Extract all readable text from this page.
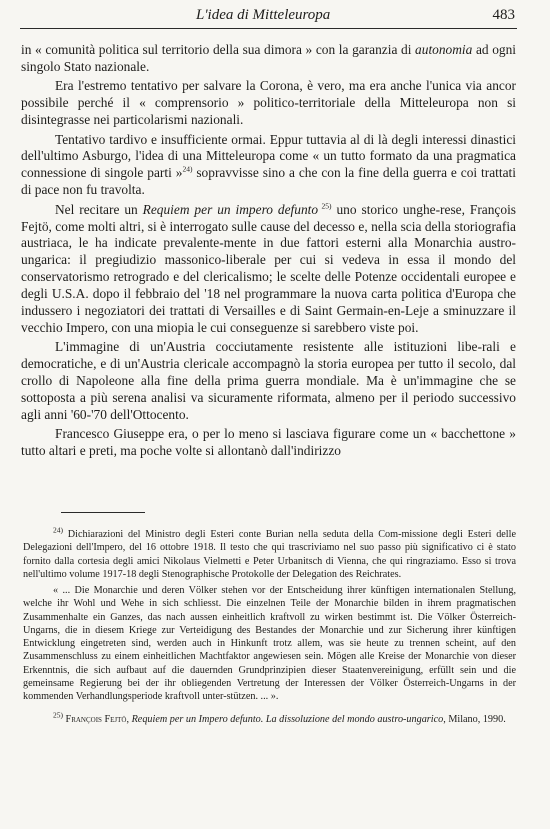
L'idea di Mitteleuropa	483

in « comunità politica sul territorio della sua dimora » con la garanzia di autonomia ad ogni singolo Stato nazionale.

Era l'estremo tentativo per salvare la Corona, è vero, ma era anche l'unica via ancor possibile perché il « comprensorio » politico-territoriale della Mitteleuropa non si disintegrasse nei particolarismi nazionali.

Tentativo tardivo e insufficiente ormai. Eppur tuttavia al di là degli interessi dinastici dell'ultimo Asburgo, l'idea di una Mitteleuropa come « un tutto formato da una pragmatica connessione di singole parti »$^{24)}$ sopravvisse sino a che con la fine della guerra e coi trattati di pace non fu travolta.

Nel recitare un Requiem per un impero defunto $^{25)}$ uno storico unghe-rese, François Fejtö, come molti altri, si è interrogato sulle cause del decesso e, nella scia della storiografia austriaca, le ha indicate prevalente-mente in due fattori esterni alla Monarchia austro-ungarica: il pregiudizio massonico-liberale per cui si vedeva in essa il mondo del conservatorismo retrogrado e del clericalismo; le scelte delle Potenze occidentali europee e degli U.S.A. dopo il febbraio del '18 nel programmare la nuova carta politica d'Europa che indussero i negoziatori dei trattati di Versailles e di Saint Germain-en-Leje a sminuzzare il vecchio Impero, con una miopia le cui conseguenze si sarebbero viste poi.

L'immagine di un'Austria cocciutamente resistente alle istituzioni libe-rali e democratiche, e di un'Austria clericale accompagnò la storia europea per tutto il secolo, dal crollo di Napoleone alla fine della prima guerra mondiale. Ma è un'immagine che se sottoposta a più serena analisi va sicuramente riformata, almeno per il periodo successivo agli anni '60-'70 dell'Ottocento.

Francesco Giuseppe era, o per lo meno si lasciava figurare come un « bacchettone » tutto altari e preti, ma poche volte si allontanò dall'indirizzo

$^{24)}$ Dichiarazioni del Ministro degli Esteri conte Burian nella seduta della Com-missione degli Esteri delle Delegazioni dell'Impero, del 16 ottobre 1918. Il testo che qui trascriviamo nel suo passo più significativo ci è stato fornito dalla cortesia degli amici Nikolaus Vielmetti e Peter Urbanitsch di Vienna, che qui ringraziamo. Esso si trova nell'ultimo volume 1917-18 degli Stenographische Protokolle der Delegation des Reichrates.

« ... Die Monarchie und deren Völker stehen vor der Entscheidung ihrer künftigen internationalen Stellung, welche ihr Wohl und Wehe in sich schliesst. Die einzelnen Teile der Monarchie bilden in ihrem pragmatischen Zusammenhalte ein Ganzes, das nach aussen einheitlich kraftvoll zu wirken bestimmt ist. Die Völker Österreich-Ungarns, die in diesem Kriege zur Verteidigung des Bestandes der Monarchie und zur Sicherung ihrer künftigen Entwicklung eingetreten sind, werden auch in Hinkunft trotz allem, was sie heute zu trennen scheint, auf den Zusammenschluss zu einem einheitlichen Machtfaktor angewiesen sein. Mögen alle Kreise der Monarchie von dieser Erkenntnis, die sich aufbaut auf die dauernden Grundprinzipien dieser Staatenvereinigung, erfüllt sein und die gemeinsame Regierung bei der ihr obliegenden Vertretung der Interessen der Völker Österreich-Ungarns in der kommenden Verhandlungsperiode kraftvoll unter-stützen. ... ».

$^{25)}$ François Fejtö, Requiem per un Impero defunto. La dissoluzione del mondo austro-ungarico, Milano, 1990.
